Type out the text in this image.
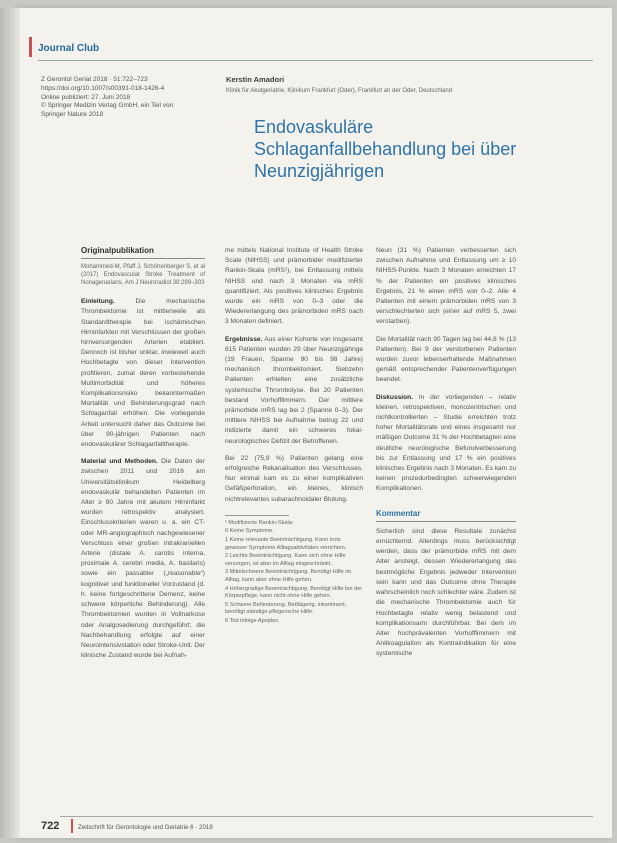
Journal Club
Z Gerontol Geriat 2018 · 51:722–723
https://doi.org/10.1007/s00391-018-1426-4
Online publiziert: 27. Juni 2018
© Springer Medizin Verlag GmbH, ein Teil von
Springer Nature 2018
Kerstin Amadori
Klinik für Akutgeriatrie, Klinikum Frankfurt (Oder), Frankfurt an der Oder, Deutschland
Endovaskuläre
Schlaganfallbehandlung bei über
Neunzigjährigen
Originalpublikation
Mohammed-M, Pfaff J, Schönenberger S, et al (2017) Endovascular Stroke Treatment of Nonagenarians. Am J Neuroradiol 38:299–303

Einleitung.	Die mechanische Thrombektomie ist mittlerweile als Standardtherapie bei ischämischen Hirninfarkten mit Verschlüssen der großen hirnversorgenden Arterien etabliert. Dennoch ist bisher unklar, inwieweit auch Hochbetagte von dieser Intervention profitieren, zumal deren vorbestehende Multimorbidität und höheres Komplikationsrisiko bekanntermaßen Mortalität und Behinderungsgrad nach Schlaganfall erhöhen. Die vorliegende Arbeit untersucht daher das Outcome bei über 90-jährigen Patienten nach endovaskulärer Schlaganfalltherapie.

Material und Methoden. Die Daten der zwischen 2011 und 2016 am Universitätsklinikum Heidelberg endovaskulär behandelten Patienten im Alter ≥ 90 Jahre mit akutem Hirninfarkt wurden retrospektiv analysiert. Einschlusskriterien waren u. a. ein CT- oder MR-angiographisch nachgewiesener Verschluss einer großen intrakraniellen Arterie (distale A. carotis interna, proximale A. cerebri media, A. basilaris) sowie ein passabler („reasonable“) kognitiver und funktioneller Vorzustand (d. h. keine fortgeschrittene Demenz, keine schwere körperliche Behinderung). Alle Thrombektomien wurden in Vollnarkose oder Analgosedierung durchgeführt; die Nachbehandlung erfolgte auf einer Neurointensivstation oder Stroke-Unit. Der klinische Zustand wurde bei Aufnah-

me mittels National Institute of Health Stroke Scale (NIHSS) und prämorbider modifizierter Rankin-Skala (mRS¹), bei Entlassung mittels NIHSS und nach 3 Monaten via mRS quantifiziert. Als positives klinisches Ergebnis wurde ein mRS von 0–3 oder die Wiedererlangung des prämorbiden mRS nach 3 Monaten definiert.

Ergebnisse. Aus einer Kohorte von insgesamt 615 Patienten wurden 29 über Neunzigjährige (19 Frauen, Spanne 90 bis 98 Jahre) mechanisch thrombektomiert. Siebzehn Patienten erhielten eine zusätzliche systemische Thrombolyse. Bei 20 Patienten bestand Vorhofflimmern. Der mittlere prämorbide mRS lag bei 2 (Spanne 0–3). Der mittlere NIHSS bei Aufnahme betrug 22 und indizierte damit ein schweres fokal-neurologisches Defizit der Betroffenen.

Bei 22 (75,9 %) Patienten gelang eine erfolgreiche Rekanalisation des Verschlusses. Nur einmal kam es zu einer komplikativen Gefäßperforation, ein kleines, klinisch nichtrelevantes subarachnoidaler Blutung.

¹ Modifizierte Rankin-Skala:
0 Keine Symptome.
1 Keine relevante Beeinträchtigung. Kann trotz gewisser Symptome Alltagsaktivitäten verrichten.
2 Leichte Beeinträchtigung. Kann sich ohne Hilfe versorgen, ist aber im Alltag eingeschränkt.
3 Mittelschwere Beeinträchtigung. Benötigt Hilfe im Alltag, kann aber ohne Hilfe gehen.
4 Höhergradige Beeinträchtigung. Benötigt Hilfe bei der Körperpflege, kann nicht ohne Hilfe gehen.
5 Schwere Behinderung. Bettlägerig, inkontinent, benötigt ständige pflegerische Hilfe.
6 Tod infolge Apoplex.

Neun (31 %) Patienten verbesserten sich zwischen Aufnahme und Entlassung um ≥ 10 NIHSS-Punkte. Nach 3 Monaten erreichten 17 % der Patienten ein positives klinisches Ergebnis, 21 % einen mRS von 0–2. Alle 4 Patienten mit einem prämorbiden mRS von 3 verschlechterten sich (einer auf mRS 5, zwei verstarben).

Die Mortalität nach 90 Tagen lag bei 44,8 % (13 Patienten). Bei 9 der verstorbenen Patienten wurden zuvor lebenserhaltende Maßnahmen gemäß entsprechender Patientenverfügungen beendet.

Diskussion. In der vorliegenden – relativ kleinen, retrospektiven, monozentrischen und nichtkontrollierten – Studie erreichten trotz hoher Mortalitätsrate und eines insgesamt nur mäßigen Outcome 31 % der Hochbetagten eine deutliche neurologische Befundverbesserung bis zur Entlassung und 17 % ein positives klinisches Ergebnis nach 3 Monaten. Es kam zu keinen prozedurbedingten schwerwiegenden Komplikationen.

Kommentar

Sicherlich sind diese Resultate zunächst ernüchternd. Allerdings muss berücksichtigt werden, dass der prämorbide mRS mit dem Alter ansteigt, dessen Wiedererlangung das bestmögliche Ergebnis jedweder Intervention sein kann und das Outcome ohne Therapie wahrscheinlich noch schlechter wäre. Zudem ist die mechanische Thrombektomie auch für Hochbetagte relativ wenig belastend und komplikationsarm durchführbar. Bei dem im Alter hochprävalenten Vorhofflimmern mit Antikoagulation als Kontraindikation für eine systemische

722	Zeitschrift für Gerontologie und Geriatrie 6 · 2018
